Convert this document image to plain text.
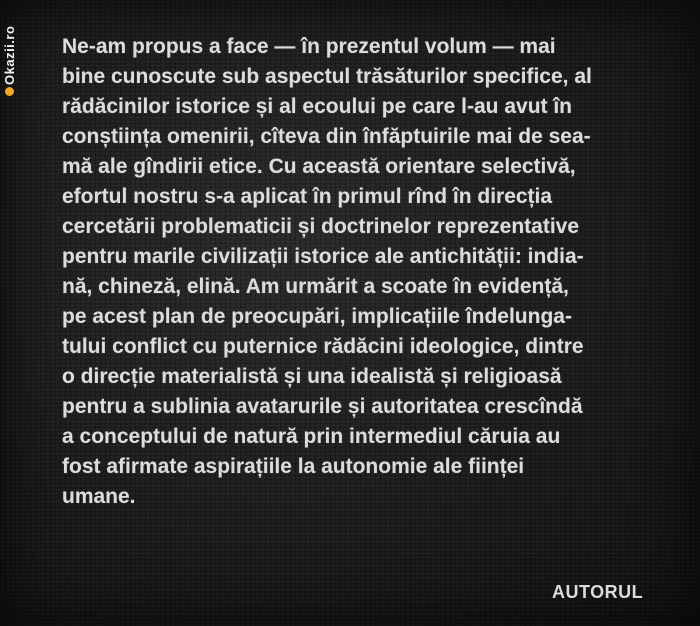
Okazii.ro Ne-am propus a face — în prezentul volum — mai
bine cunoscute sub aspectul trăsăturilor specifice, al
rădăcinilor istorice și al ecoului pe care l-au avut în
conștiința omenirii, cîteva din înfăptuirile mai de sea-
mă ale gîndirii etice. Cu această orientare selectivă,
efortul nostru s-a aplicat în primul rînd în direcția
cercetării problematicii și doctrinelor reprezentative
pentru marile civilizații istorice ale antichității: india-
nă, chineză, elină. Am urmărit a scoate în evidență,
pe acest plan de preocupări, implicațiile îndelunga-
tului conflict cu puternice rădăcini ideologice, dintre
o direcție materialistă și una idealistă și religioasă
pentru a sublinia avatarurile și autoritatea crescîndă
a conceptului de natură prin intermediul căruia au
fost afirmate aspirațiile la autonomie ale ființei
umane.
AUTORUL
